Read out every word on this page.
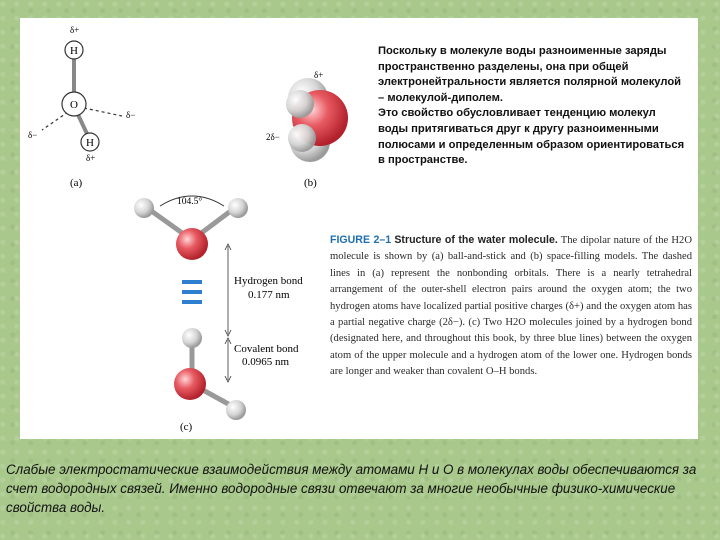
H
O
H
δ+
δ+
δ−
δ−
(a)
δ+
2δ−
(b)
104.5°
Hydrogen bond
0.177 nm
Covalent bond
0.0965 nm
(c)
Поскольку в молекуле воды разноименные заряды пространственно разделены, она при общей электронейтральности является полярной молекулой – молекулой-диполем.
Это свойство обусловливает тенденцию молекул воды притягиваться друг к другу разноименными полюсами и определенным образом ориентироваться в пространстве.
FIGURE 2–1 Structure of the water molecule. The dipolar nature of the H2O molecule is shown by (a) ball-and-stick and (b) space-filling models. The dashed lines in (a) represent the nonbonding orbitals. There is a nearly tetrahedral arrangement of the outer-shell electron pairs around the oxygen atom; the two hydrogen atoms have localized partial positive charges (δ+) and the oxygen atom has a partial negative charge (2δ−). (c) Two H2O molecules joined by a hydrogen bond (designated here, and throughout this book, by three blue lines) between the oxygen atom of the upper molecule and a hydrogen atom of the lower one. Hydrogen bonds are longer and weaker than covalent O–H bonds.
Слабые электростатические взаимодействия между атомами H и O в молекулах воды обеспечиваются за счет водородных связей. Именно водородные связи отвечают за многие необычные физико-химические свойства воды.
